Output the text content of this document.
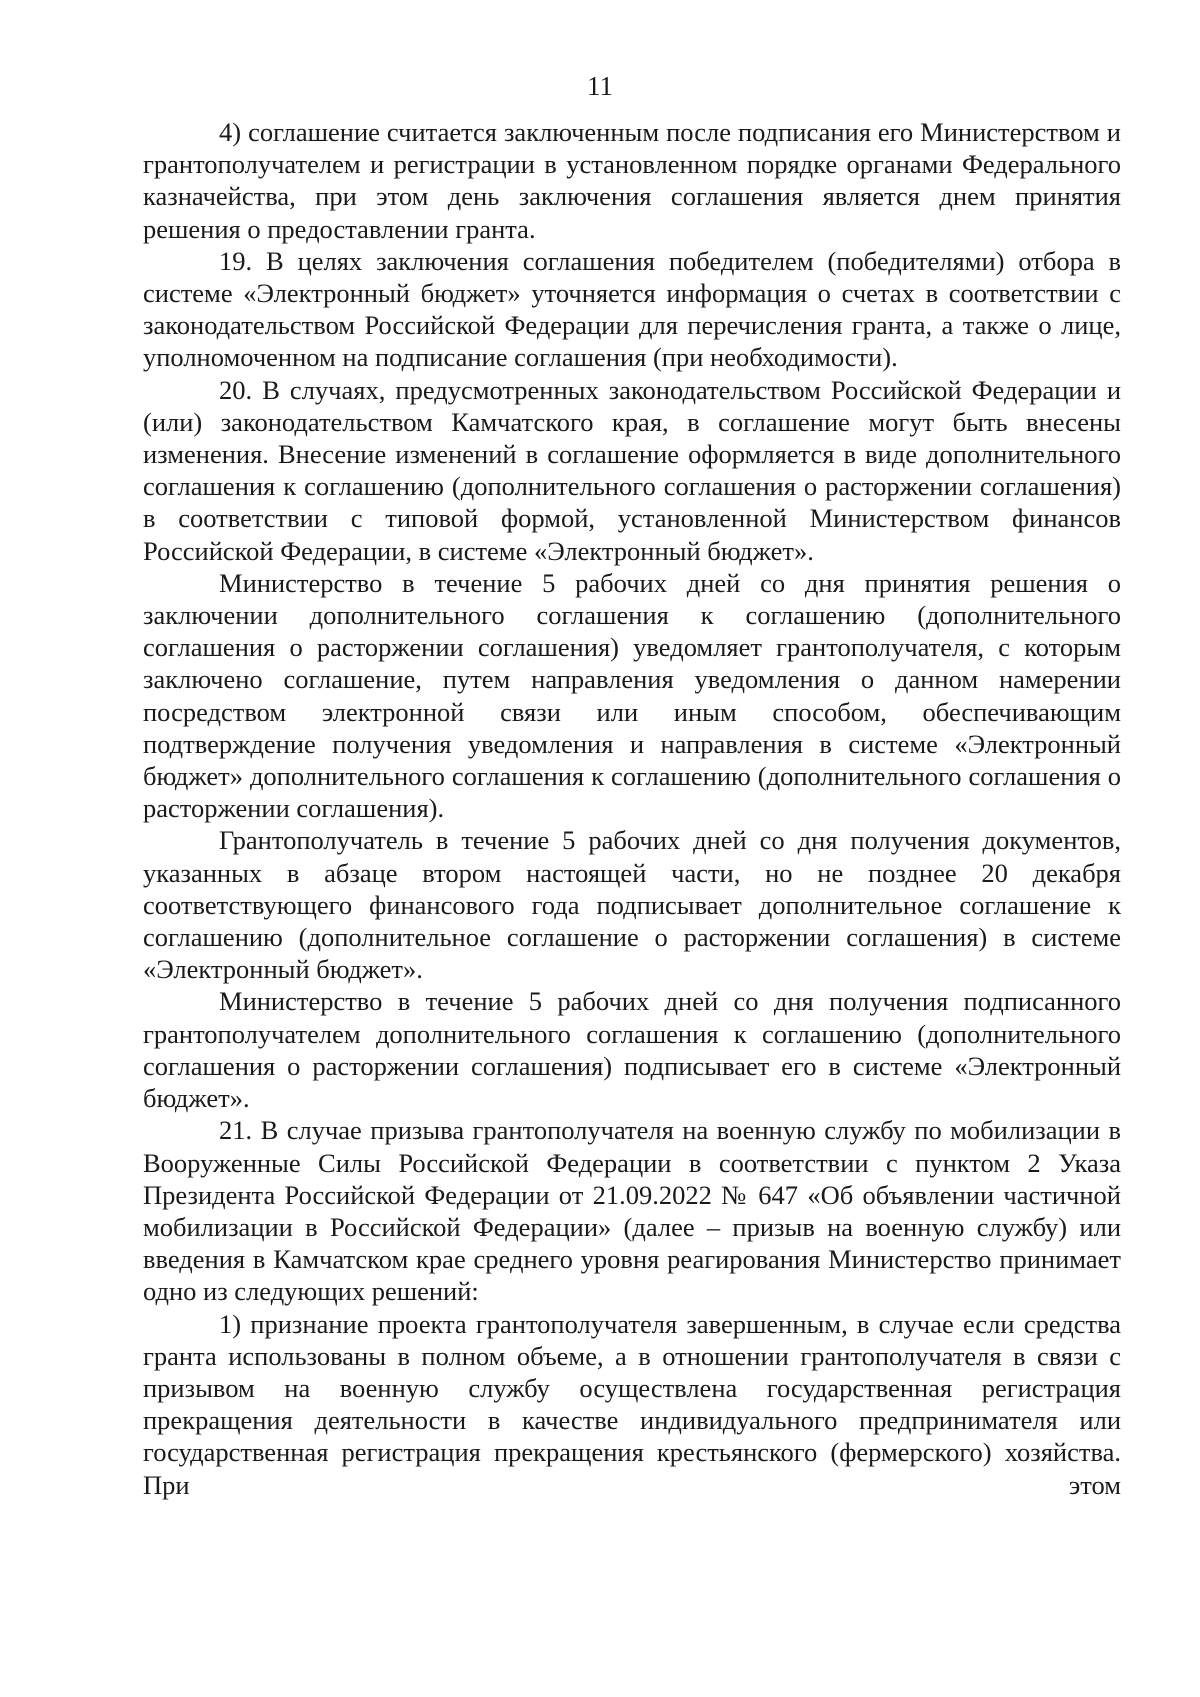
11

4) соглашение считается заключенным после подписания его Министерством и грантополучателем и регистрации в установленном порядке органами Федерального казначейства, при этом день заключения соглашения является днем принятия решения о предоставлении гранта.

19. В целях заключения соглашения победителем (победителями) отбора в системе «Электронный бюджет» уточняется информация о счетах в соответствии с законодательством Российской Федерации для перечисления гранта, а также о лице, уполномоченном на подписание соглашения (при необходимости).

20. В случаях, предусмотренных законодательством Российской Федерации и (или) законодательством Камчатского края, в соглашение могут быть внесены изменения. Внесение изменений в соглашение оформляется в виде дополнительного соглашения к соглашению (дополнительного соглашения о расторжении соглашения) в соответствии с типовой формой, установленной Министерством финансов Российской Федерации, в системе «Электронный бюджет».

Министерство в течение 5 рабочих дней со дня принятия решения о заключении дополнительного соглашения к соглашению (дополнительного соглашения о расторжении соглашения) уведомляет грантополучателя, с которым заключено соглашение, путем направления уведомления о данном намерении посредством электронной связи или иным способом, обеспечивающим подтверждение получения уведомления и направления в системе «Электронный бюджет» дополнительного соглашения к соглашению (дополнительного соглашения о расторжении соглашения).

Грантополучатель в течение 5 рабочих дней со дня получения документов, указанных в абзаце втором настоящей части, но не позднее 20 декабря соответствующего финансового года подписывает дополнительное соглашение к соглашению (дополнительное соглашение о расторжении соглашения) в системе «Электронный бюджет».

Министерство в течение 5 рабочих дней со дня получения подписанного грантополучателем дополнительного соглашения к соглашению (дополнительного соглашения о расторжении соглашения) подписывает его в системе «Электронный бюджет».

21. В случае призыва грантополучателя на военную службу по мобилизации в Вооруженные Силы Российской Федерации в соответствии с пунктом 2 Указа Президента Российской Федерации от 21.09.2022 № 647 «Об объявлении частичной мобилизации в Российской Федерации» (далее – призыв на военную службу) или введения в Камчатском крае среднего уровня реагирования Министерство принимает одно из следующих решений:

1) признание проекта грантополучателя завершенным, в случае если средства гранта использованы в полном объеме, а в отношении грантополучателя в связи с призывом на военную службу осуществлена государственная регистрация прекращения деятельности в качестве индивидуального предпринимателя или государственная регистрация прекращения крестьянского (фермерского) хозяйства. При этом
